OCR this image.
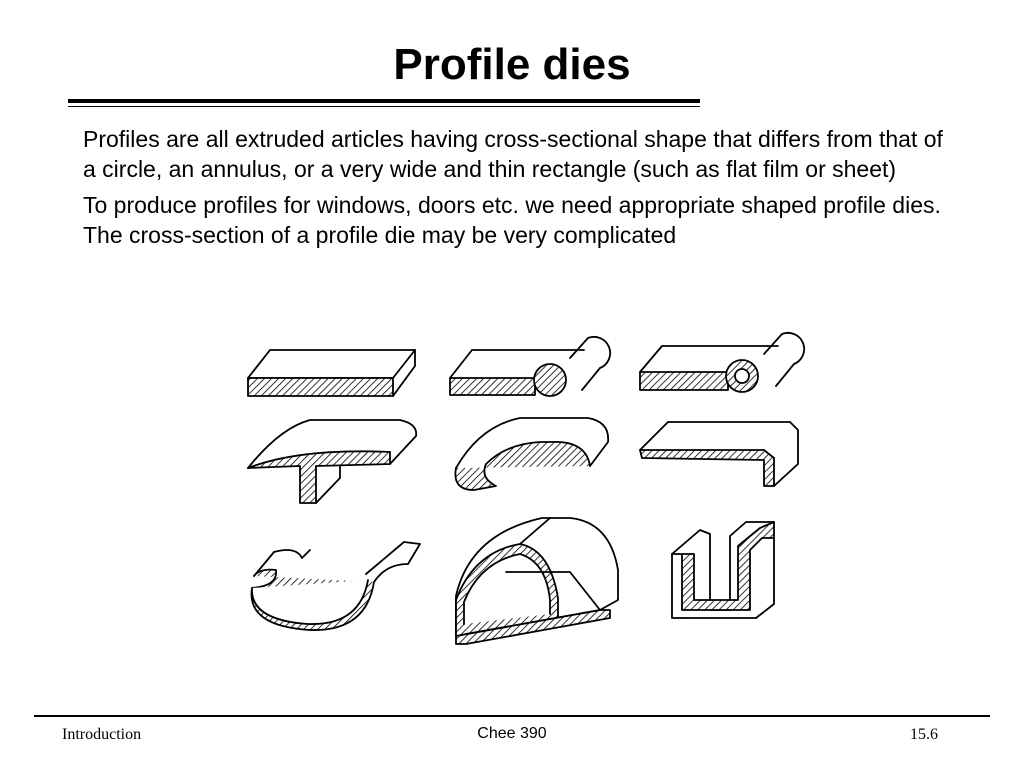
Profile dies

Profiles are all extruded articles having cross-sectional shape that differs from that of a circle, an annulus, or a very wide and thin rectangle (such as flat film or sheet)

To produce profiles for windows, doors etc. we need appropriate shaped profile dies. The cross-section of a profile die may be very complicated

Introduction	Chee 390	15.6
